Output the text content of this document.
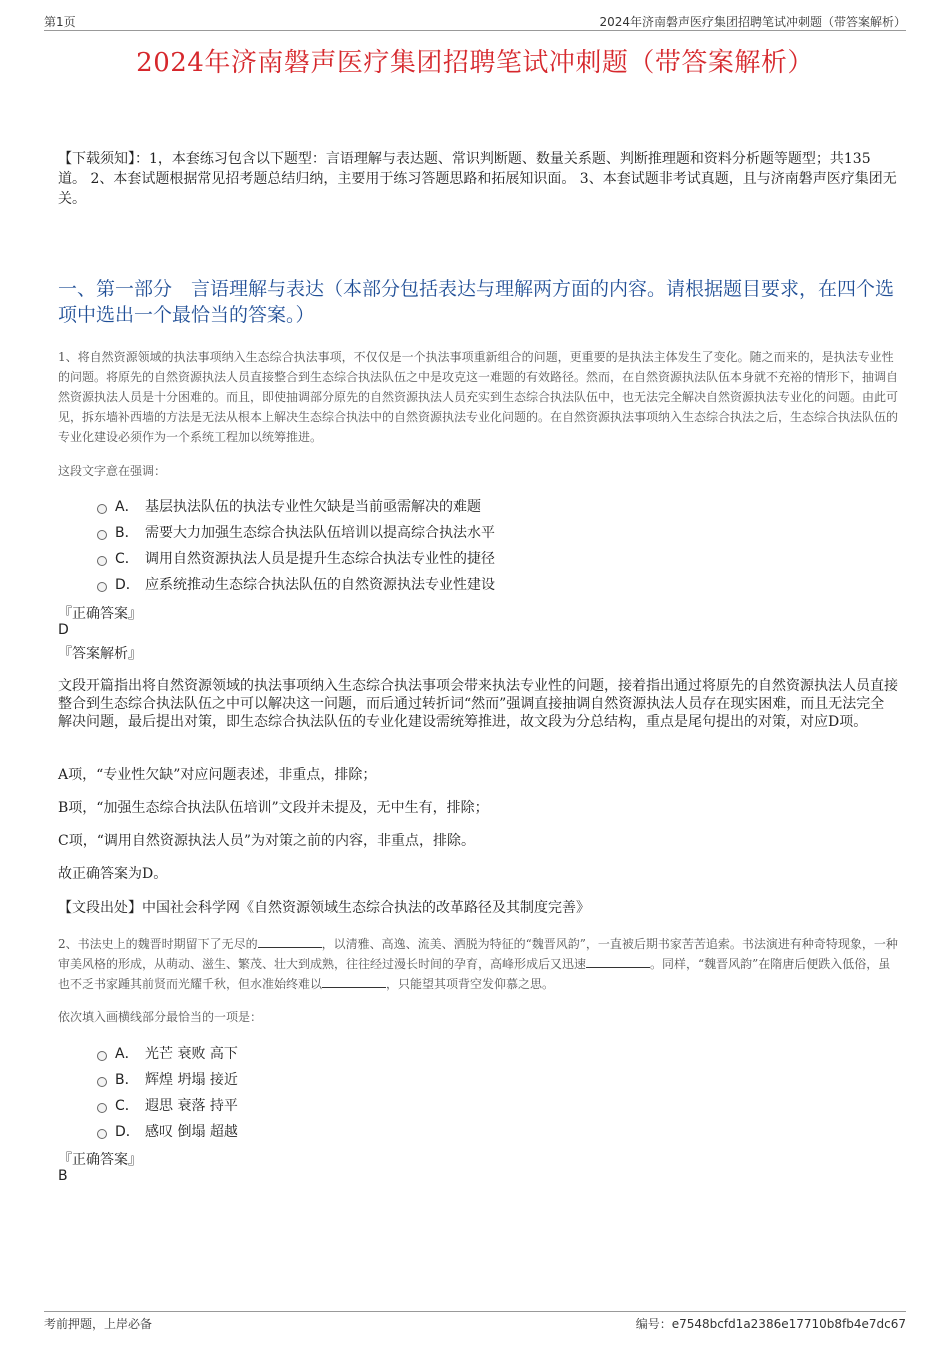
第1页	2024年济南磐声医疗集团招聘笔试冲刺题（带答案解析）
2024年济南磐声医疗集团招聘笔试冲刺题（带答案解析）
【下载须知】：1，本套练习包含以下题型：言语理解与表达题、常识判断题、数量关系题、判断推理题和资料分析题等题型；共135道。 2、本套试题根据常见招考题总结归纳，主要用于练习答题思路和拓展知识面。 3、本套试题非考试真题，且与济南磐声医疗集团无关。
一、第一部分　言语理解与表达（本部分包括表达与理解两方面的内容。请根据题目要求，在四个选项中选出一个最恰当的答案。）
1、将自然资源领域的执法事项纳入生态综合执法事项，不仅仅是一个执法事项重新组合的问题，更重要的是执法主体发生了变化。随之而来的，是执法专业性的问题。将原先的自然资源执法人员直接整合到生态综合执法队伍之中是攻克这一难题的有效路径。然而，在自然资源执法队伍本身就不充裕的情形下，抽调自然资源执法人员是十分困难的。而且，即使抽调部分原先的自然资源执法人员充实到生态综合执法队伍中，也无法完全解决自然资源执法专业化的问题。由此可见，拆东墙补西墙的方法是无法从根本上解决生态综合执法中的自然资源执法专业化问题的。在自然资源执法事项纳入生态综合执法之后，生态综合执法队伍的专业化建设必须作为一个系统工程加以统筹推进。
这段文字意在强调：
A． 基层执法队伍的执法专业性欠缺是当前亟需解决的难题
B． 需要大力加强生态综合执法队伍培训以提高综合执法水平
C． 调用自然资源执法人员是提升生态综合执法专业性的捷径
D． 应系统推动生态综合执法队伍的自然资源执法专业性建设
『正确答案』
D
『答案解析』
文段开篇指出将自然资源领域的执法事项纳入生态综合执法事项会带来执法专业性的问题，接着指出通过将原先的自然资源执法人员直接整合到生态综合执法队伍之中可以解决这一问题，而后通过转折词“然而”强调直接抽调自然资源执法人员存在现实困难，而且无法完全解决问题，最后提出对策，即生态综合执法队伍的专业化建设需统筹推进，故文段为分总结构，重点是尾句提出的对策，对应D项。
A项，“专业性欠缺”对应问题表述，非重点，排除；
B项，“加强生态综合执法队伍培训”文段并未提及，无中生有，排除；
C项，“调用自然资源执法人员”为对策之前的内容，非重点，排除。
故正确答案为D。
【文段出处】中国社会科学网《自然资源领域生态综合执法的改革路径及其制度完善》
2、书法史上的魏晋时期留下了无尽的	，以清雅、高逸、流美、洒脱为特征的“魏晋风韵”，一直被后期书家苦苦追索。书法演进有种奇特现象，一种审美风格的形成，从萌动、滋生、繁茂、壮大到成熟，往往经过漫长时间的孕育，高峰形成后又迅速	。同样，“魏晋风韵”在隋唐后便跌入低俗，虽也不乏书家踵其前贤而光耀千秋，但水准始终难以	，只能望其项背空发仰慕之思。
依次填入画横线部分最恰当的一项是：
A． 光芒 衰败 高下
B． 辉煌 坍塌 接近
C． 遐思 衰落 持平
D． 感叹 倒塌 超越
『正确答案』
B
考前押题，上岸必备	编号：e7548bcfd1a2386e17710b8fb4e7dc67
